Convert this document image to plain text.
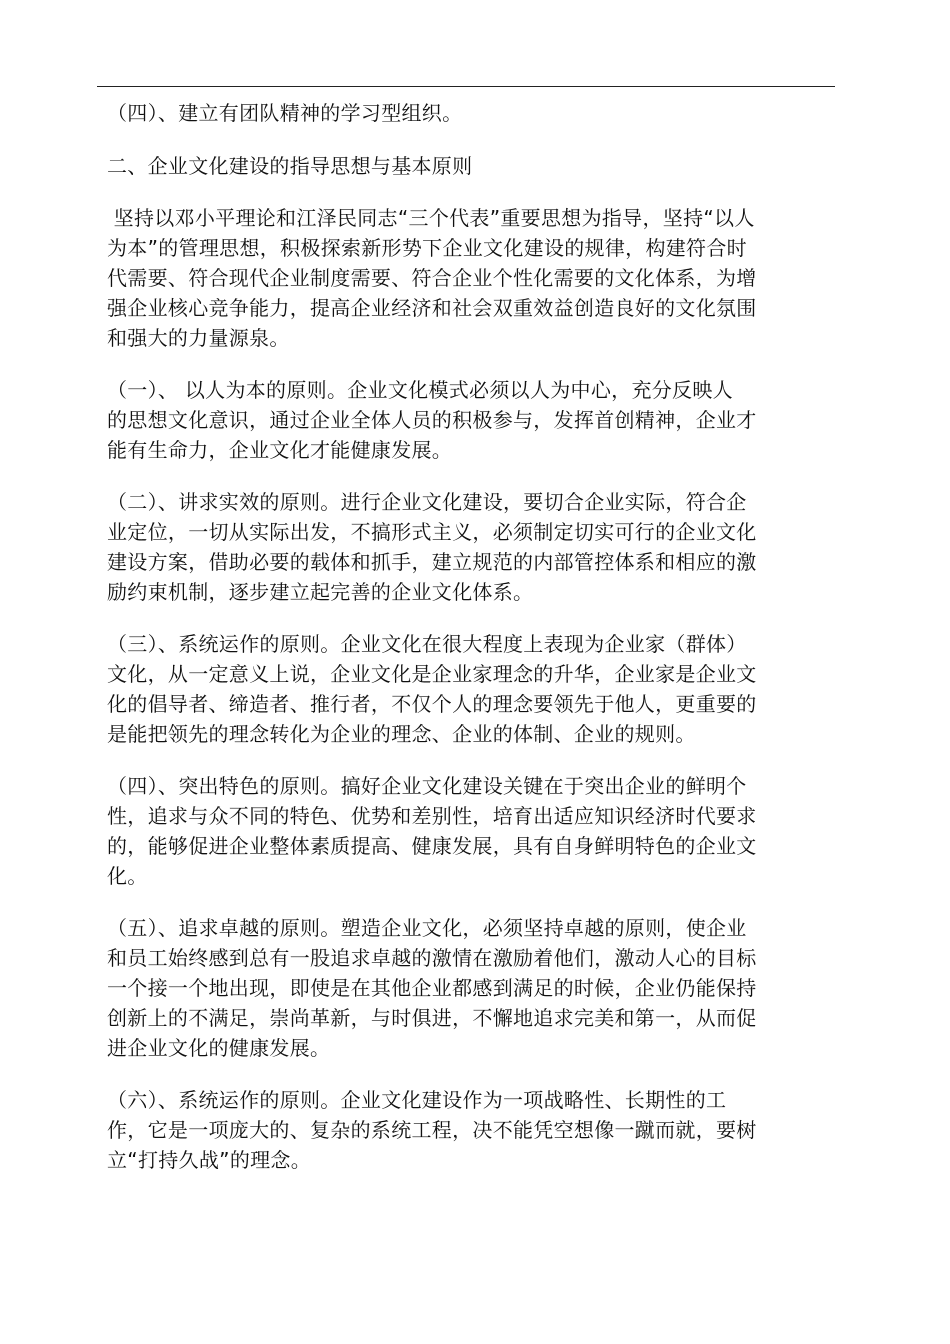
（四）、建立有团队精神的学习型组织。
二、企业文化建设的指导思想与基本原则
坚持以邓小平理论和江泽民同志“三个代表”重要思想为指导，坚持“以人
为本”的管理思想，积极探索新形势下企业文化建设的规律，构建符合时
代需要、符合现代企业制度需要、符合企业个性化需要的文化体系，为增
强企业核心竞争能力，提高企业经济和社会双重效益创造良好的文化氛围
和强大的力量源泉。
（一）、 以人为本的原则。企业文化模式必须以人为中心，充分反映人
的思想文化意识，通过企业全体人员的积极参与，发挥首创精神，企业才
能有生命力，企业文化才能健康发展。
（二）、讲求实效的原则。进行企业文化建设，要切合企业实际，符合企
业定位，一切从实际出发，不搞形式主义，必须制定切实可行的企业文化
建设方案，借助必要的载体和抓手，建立规范的内部管控体系和相应的激
励约束机制，逐步建立起完善的企业文化体系。
（三）、系统运作的原则。企业文化在很大程度上表现为企业家（群体）
文化，从一定意义上说，企业文化是企业家理念的升华，企业家是企业文
化的倡导者、缔造者、推行者，不仅个人的理念要领先于他人，更重要的
是能把领先的理念转化为企业的理念、企业的体制、企业的规则。
（四）、突出特色的原则。搞好企业文化建设关键在于突出企业的鲜明个
性，追求与众不同的特色、优势和差别性，培育出适应知识经济时代要求
的，能够促进企业整体素质提高、健康发展，具有自身鲜明特色的企业文
化。
（五）、追求卓越的原则。塑造企业文化，必须坚持卓越的原则，使企业
和员工始终感到总有一股追求卓越的激情在激励着他们，激动人心的目标
一个接一个地出现，即使是在其他企业都感到满足的时候，企业仍能保持
创新上的不满足，崇尚革新，与时俱进，不懈地追求完美和第一，从而促
进企业文化的健康发展。
（六）、系统运作的原则。企业文化建设作为一项战略性、长期性的工
作，它是一项庞大的、复杂的系统工程，决不能凭空想像一蹴而就，要树
立“打持久战”的理念。
